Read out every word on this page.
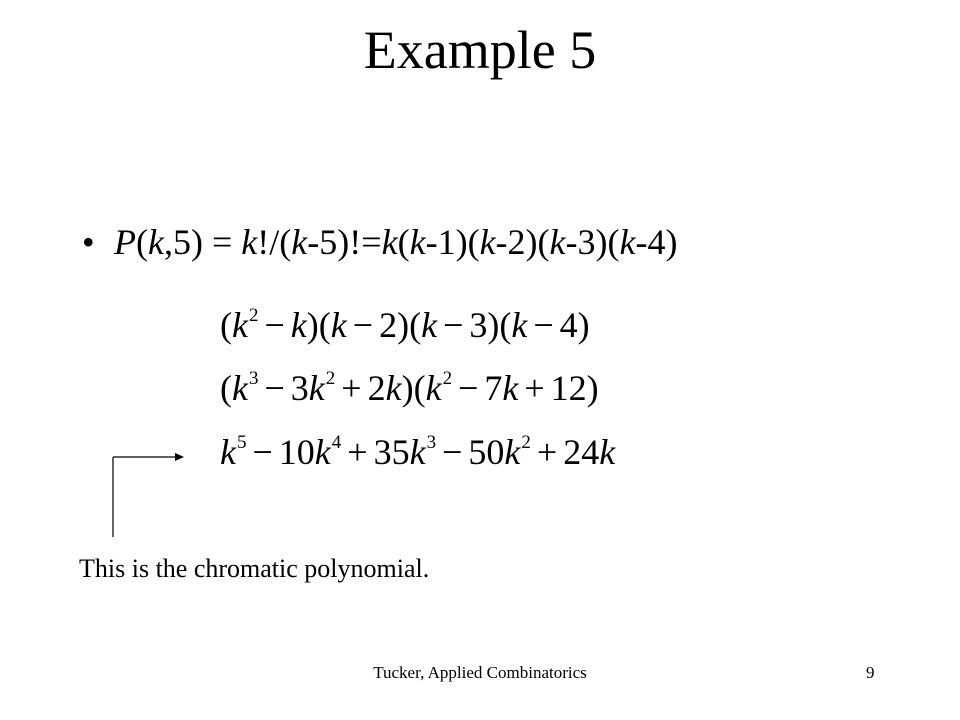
Example 5
• P(k,5) = k!/(k-5)!=k(k-1)(k-2)(k-3)(k-4)
$(k^2 - k)(k - 2)(k - 3)(k - 4)$
$(k^3 - 3k^2 + 2k)(k^2 - 7k + 12)$
$k^5 - 10k^4 + 35k^3 - 50k^2 + 24k$
This is the chromatic polynomial.
Tucker, Applied Combinatorics	9
